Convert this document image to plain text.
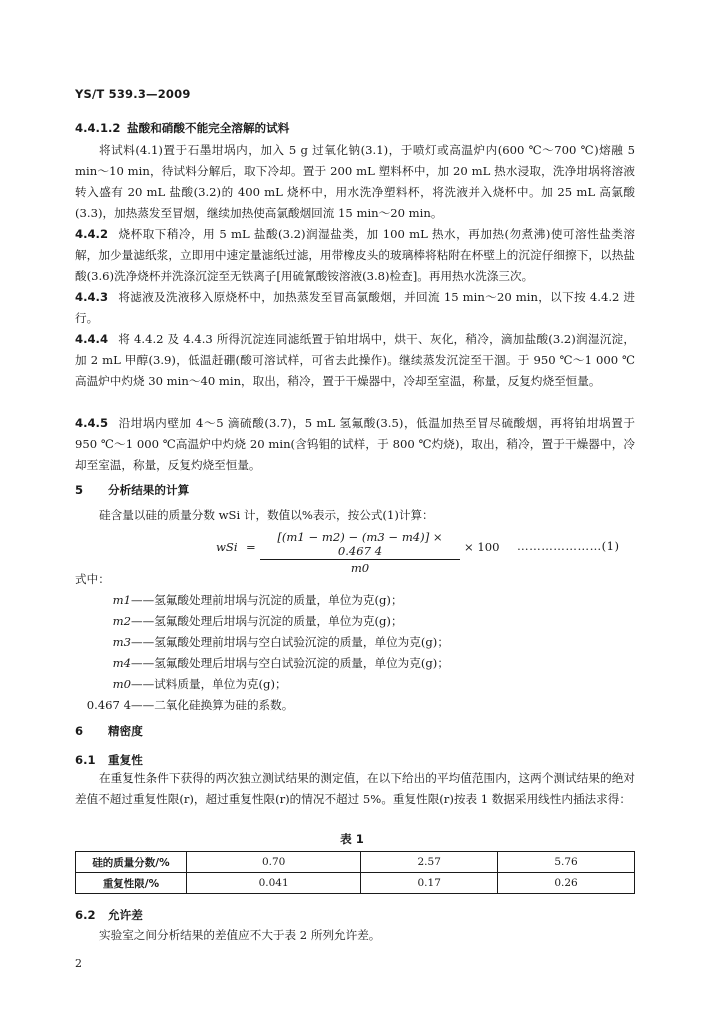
YS/T 539.3—2009
4.4.1.2 盐酸和硝酸不能完全溶解的试料
将试料(4.1)置于石墨坩埚内，加入 5 g 过氧化钠(3.1)，于喷灯或高温炉内(600 ℃～700 ℃)熔融 5 min～10 min，待试料分解后，取下冷却。置于 200 mL 塑料杯中，加 20 mL 热水浸取，洗净坩埚将溶液转入盛有 20 mL 盐酸(3.2)的 400 mL 烧杯中，用水洗净塑料杯，将洗液并入烧杯中。加 25 mL 高氯酸(3.3)，加热蒸发至冒烟，继续加热使高氯酸烟回流 15 min～20 min。
4.4.2 烧杯取下稍冷，用 5 mL 盐酸(3.2)润湿盐类，加 100 mL 热水，再加热(勿煮沸)使可溶性盐类溶解，加少量滤纸浆，立即用中速定量滤纸过滤，用带橡皮头的玻璃棒将粘附在杯壁上的沉淀仔细擦下，以热盐酸(3.6)洗净烧杯并洗涤沉淀至无铁离子[用硫氰酸铵溶液(3.8)检查]。再用热水洗涤三次。
4.4.3 将滤液及洗液移入原烧杯中，加热蒸发至冒高氯酸烟，并回流 15 min～20 min，以下按 4.4.2 进行。
4.4.4 将 4.4.2 及 4.4.3 所得沉淀连同滤纸置于铂坩埚中，烘干、灰化，稍冷，滴加盐酸(3.2)润湿沉淀，加 2 mL 甲醇(3.9)，低温赶硼(酸可溶试样，可省去此操作)。继续蒸发沉淀至干涸。于 950 ℃～1 000 ℃高温炉中灼烧 30 min～40 min，取出，稍冷，置于干燥器中，冷却至室温，称量，反复灼烧至恒量。
4.4.5 沿坩埚内壁加 4～5 滴硫酸(3.7)，5 mL 氢氟酸(3.5)，低温加热至冒尽硫酸烟，再将铂坩埚置于 950 ℃～1 000 ℃高温炉中灼烧 20 min(含钨钼的试样，于 800 ℃灼烧)，取出，稍冷，置于干燥器中，冷却至室温，称量，反复灼烧至恒量。
5 分析结果的计算
硅含量以硅的质量分数 wSi 计，数值以%表示，按公式(1)计算：
wSi =
[(m1 − m2) − (m3 − m4)] × 0.467 4
m0
× 100 …………………(1)
式中：
m1——氢氟酸处理前坩埚与沉淀的质量，单位为克(g)；
m2——氢氟酸处理后坩埚与沉淀的质量，单位为克(g)；
m3——氢氟酸处理前坩埚与空白试验沉淀的质量，单位为克(g)；
m4——氢氟酸处理后坩埚与空白试验沉淀的质量，单位为克(g)；
m0——试料质量，单位为克(g)；
0.467 4——二氧化硅换算为硅的系数。
6 精密度
6.1 重复性
在重复性条件下获得的两次独立测试结果的测定值，在以下给出的平均值范围内，这两个测试结果的绝对差值不超过重复性限(r)，超过重复性限(r)的情况不超过 5%。重复性限(r)按表 1 数据采用线性内插法求得：
表 1
硅的质量分数/%	0.70	2.57	5.76
重复性限/%	0.041	0.17	0.26
6.2 允许差
实验室之间分析结果的差值应不大于表 2 所列允许差。
2
